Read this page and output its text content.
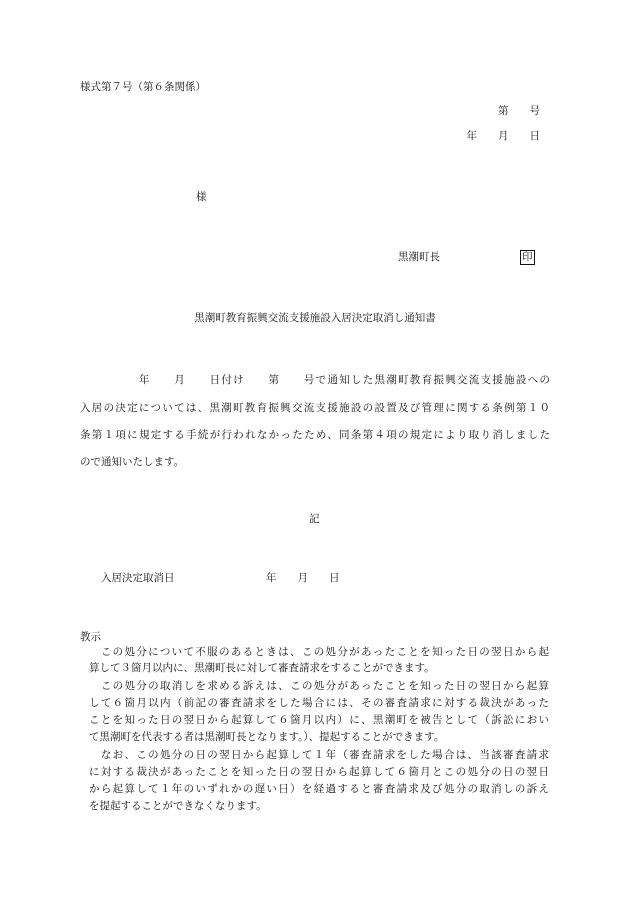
様式第７号（第６条関係）
第　　号
年　　月　　日
様
黒潮町長	印
黒潮町教育振興交流支援施設入居決定取消し通知書
　　　　　年　　月　　日付け　　第　　号で通知した黒潮町教育振興交流支援施設への
入居の決定については、黒潮町教育振興交流支援施設の設置及び管理に関する条例第１０
条第１項に規定する手続が行われなかったため、同条第４項の規定により取り消しました
ので通知いたします。
記
入居決定取消日	年　　月　　日
教示
　この処分について不服のあるときは、この処分があったことを知った日の翌日から起
算して３箇月以内に、黒潮町長に対して審査請求をすることができます。
　この処分の取消しを求める訴えは、この処分があったことを知った日の翌日から起算
して６箇月以内（前記の審査請求をした場合には、その審査請求に対する裁決があった
ことを知った日の翌日から起算して６箇月以内）に、黒潮町を被告として（訴訟におい
て黒潮町を代表する者は黒潮町長となります。）、提起することができます。
　なお、この処分の日の翌日から起算して１年（審査請求をした場合は、当該審査請求
に対する裁決があったことを知った日の翌日から起算して６箇月とこの処分の日の翌日
から起算して１年のいずれかの遅い日）を経過すると審査請求及び処分の取消しの訴え
を提起することができなくなります。
